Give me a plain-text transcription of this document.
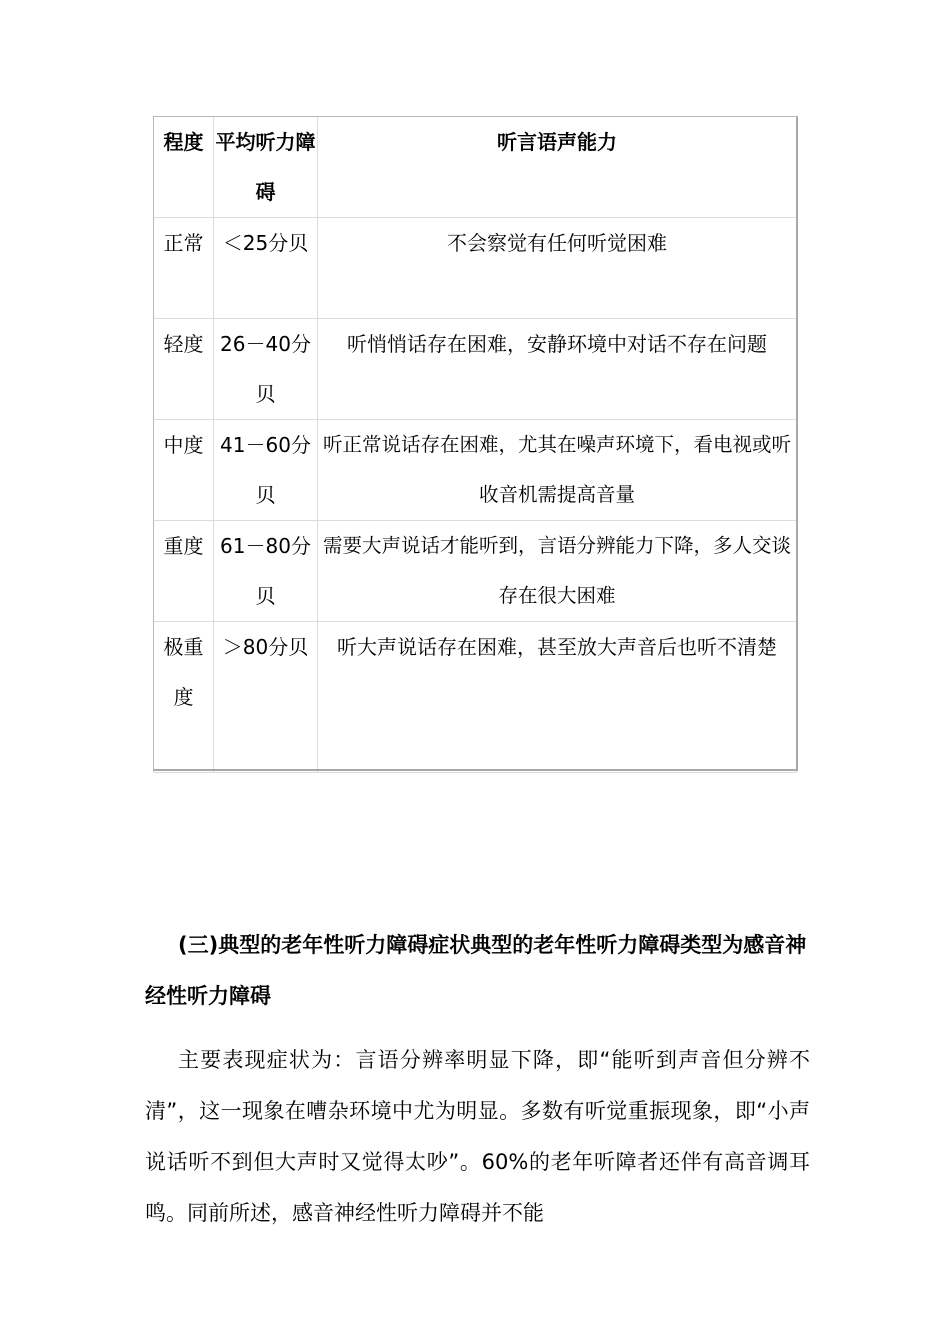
程度	平均听力障碍	听言语声能力
正常	＜25分贝	不会察觉有任何听觉困难
轻度	26－40分贝	听悄悄话存在困难，安静环境中对话不存在问题
中度	41－60分贝	听正常说话存在困难，尤其在噪声环境下，看电视或听收音机需提高音量
重度	61－80分贝	需要大声说话才能听到，言语分辨能力下降，多人交谈存在很大困难
极重度	＞80分贝	听大声说话存在困难，甚至放大声音后也听不清楚
(三)典型的老年性听力障碍症状典型的老年性听力障碍类型为感音神经性听力障碍
主要表现症状为：言语分辨率明显下降，即“能听到声音但分辨不清”，这一现象在嘈杂环境中尤为明显。多数有听觉重振现象，即“小声说话听不到但大声时又觉得太吵”。60%的老年听障者还伴有高音调耳鸣。同前所述，感音神经性听力障碍并不能
